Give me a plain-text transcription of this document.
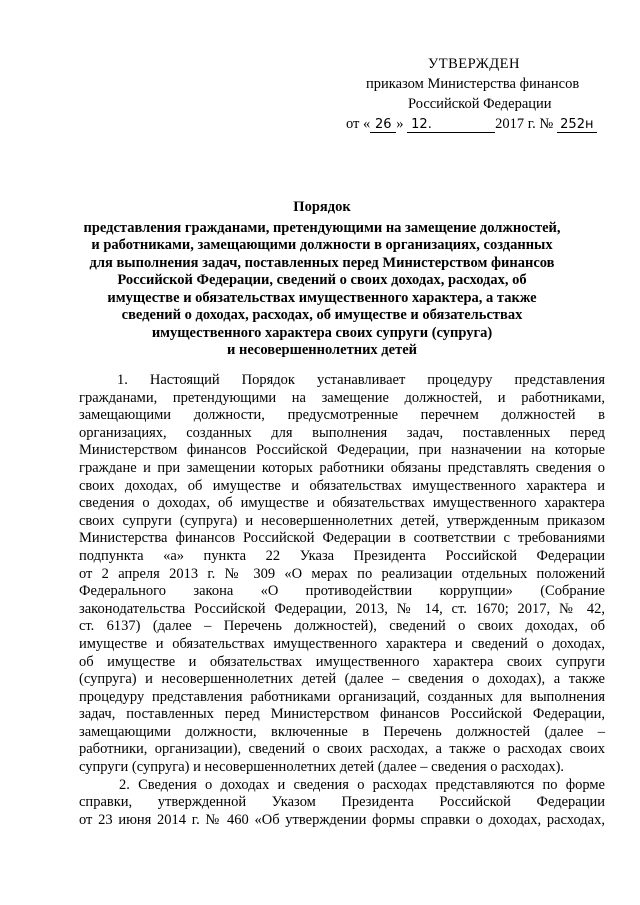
УТВЕРЖДЕН
приказом Министерства финансов
Российской Федерации
от « 26 » 12.	2017 г. № 252н
Порядок
представления гражданами, претендующими на замещение должностей,
и работниками, замещающими должности в организациях, созданных
для выполнения задач, поставленных перед Министерством финансов
Российской Федерации, сведений о своих доходах, расходах, об
имуществе и обязательствах имущественного характера, а также
сведений о доходах, расходах, об имуществе и обязательствах
имущественного характера своих супруги (супруга)
и несовершеннолетних детей
1. Настоящий Порядок устанавливает процедуру представления
гражданами, претендующими на замещение должностей, и работниками,
замещающими должности, предусмотренные перечнем должностей в
организациях, созданных для выполнения задач, поставленных перед
Министерством финансов Российской Федерации, при назначении на которые
граждане и при замещении которых работники обязаны представлять сведения о
своих доходах, об имуществе и обязательствах имущественного характера и
сведения о доходах, об имуществе и обязательствах имущественного характера
своих супруги (супруга) и несовершеннолетних детей, утвержденным приказом
Министерства финансов Российской Федерации в соответствии с требованиями
подпункта «а» пункта 22 Указа Президента Российской Федерации
от 2 апреля 2013 г. № 309 «О мерах по реализации отдельных положений
Федерального закона «О противодействии коррупции» (Собрание
законодательства Российской Федерации, 2013, № 14, ст. 1670; 2017, № 42,
ст. 6137) (далее – Перечень должностей), сведений о своих доходах, об
имуществе и обязательствах имущественного характера и сведений о доходах,
об имуществе и обязательствах имущественного характера своих супруги
(супруга) и несовершеннолетних детей (далее – сведения о доходах), а также
процедуру представления работниками организаций, созданных для выполнения
задач, поставленных перед Министерством финансов Российской Федерации,
замещающими должности, включенные в Перечень должностей (далее –
работники, организации), сведений о своих расходах, а также о расходах своих
супруги (супруга) и несовершеннолетних детей (далее – сведения о расходах).
2. Сведения о доходах и сведения о расходах представляются по форме
справки, утвержденной Указом Президента Российской Федерации
от 23 июня 2014 г. № 460 «Об утверждении формы справки о доходах, расходах,
